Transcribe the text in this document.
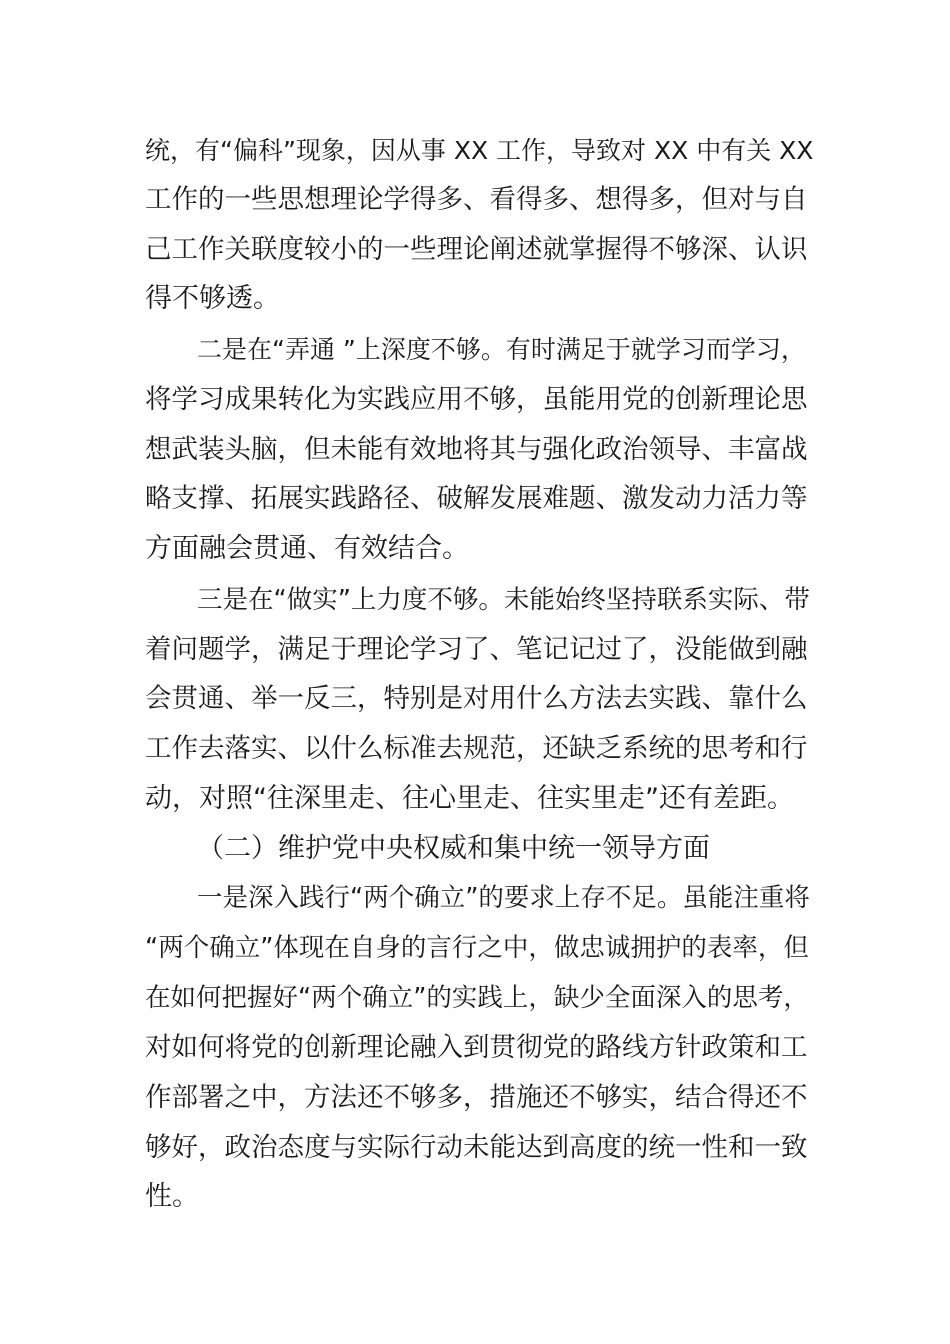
统，有“偏科”现象，因从事 XX 工作，导致对 XX 中有关 XX
工作的一些思想理论学得多、看得多、想得多，但对与自
己工作关联度较小的一些理论阐述就掌握得不够深、认识
得不够透。
二是在“弄通 ”上深度不够。有时满足于就学习而学习，
将学习成果转化为实践应用不够，虽能用党的创新理论思
想武装头脑，但未能有效地将其与强化政治领导、丰富战
略支撑、拓展实践路径、破解发展难题、激发动力活力等
方面融会贯通、有效结合。
三是在“做实”上力度不够。未能始终坚持联系实际、带
着问题学，满足于理论学习了、笔记记过了，没能做到融
会贯通、举一反三，特别是对用什么方法去实践、靠什么
工作去落实、以什么标准去规范，还缺乏系统的思考和行
动，对照“往深里走、往心里走、往实里走”还有差距。
（二）维护党中央权威和集中统一领导方面
一是深入践行“两个确立”的要求上存不足。虽能注重将
“两个确立”体现在自身的言行之中，做忠诚拥护的表率，但
在如何把握好“两个确立”的实践上，缺少全面深入的思考，
对如何将党的创新理论融入到贯彻党的路线方针政策和工
作部署之中，方法还不够多，措施还不够实，结合得还不
够好，政治态度与实际行动未能达到高度的统一性和一致
性。
